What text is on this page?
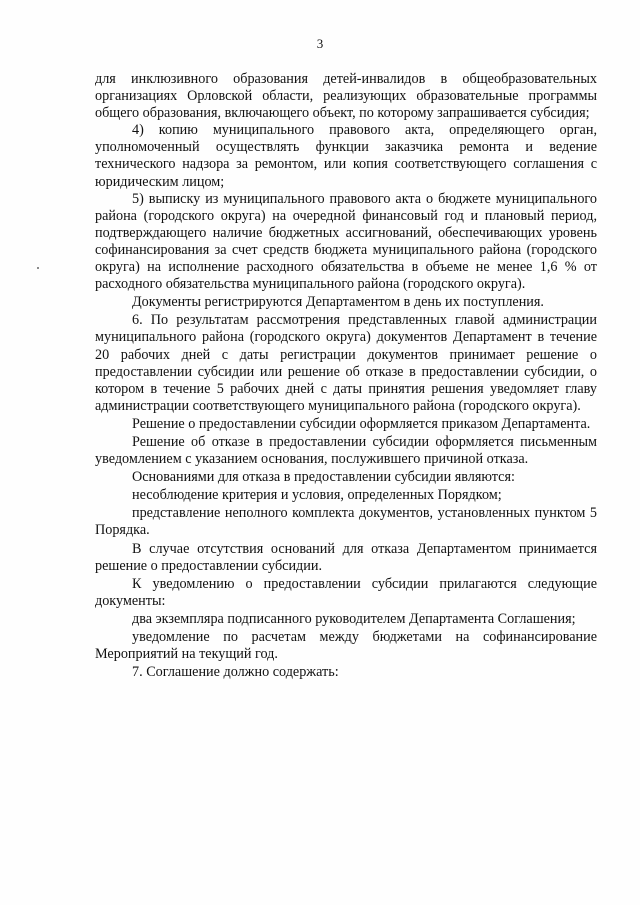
3

для инклюзивного образования детей-инвалидов в общеобразовательных организациях Орловской области, реализующих образовательные программы общего образования, включающего объект, по которому запрашивается субсидия;

4) копию муниципального правового акта, определяющего орган, уполномоченный осуществлять функции заказчика ремонта и ведение технического надзора за ремонтом, или копия соответствующего соглашения с юридическим лицом;

5) выписку из муниципального правового акта о бюджете муниципального района (городского округа) на очередной финансовый год и плановый период, подтверждающего наличие бюджетных ассигнований, обеспечивающих уровень софинансирования за счет средств бюджета муниципального района (городского округа) на исполнение расходного обязательства в объеме не менее 1,6 % от расходного обязательства муниципального района (городского округа).

Документы регистрируются Департаментом в день их поступления.

6. По результатам рассмотрения представленных главой администрации муниципального района (городского округа) документов Департамент в течение 20 рабочих дней с даты регистрации документов принимает решение о предоставлении субсидии или решение об отказе в предоставлении субсидии, о котором в течение 5 рабочих дней с даты принятия решения уведомляет главу администрации соответствующего муниципального района (городского округа).

Решение о предоставлении субсидии оформляется приказом Департамента.

Решение об отказе в предоставлении субсидии оформляется письменным уведомлением с указанием основания, послужившего причиной отказа.

Основаниями для отказа в предоставлении субсидии являются:

несоблюдение критерия и условия, определенных Порядком;

представление неполного комплекта документов, установленных пунктом 5 Порядка.

В случае отсутствия оснований для отказа Департаментом принимается решение о предоставлении субсидии.

К уведомлению о предоставлении субсидии прилагаются следующие документы:

два экземпляра подписанного руководителем Департамента Соглашения;

уведомление по расчетам между бюджетами на софинансирование Мероприятий на текущий год.

7. Соглашение должно содержать:
